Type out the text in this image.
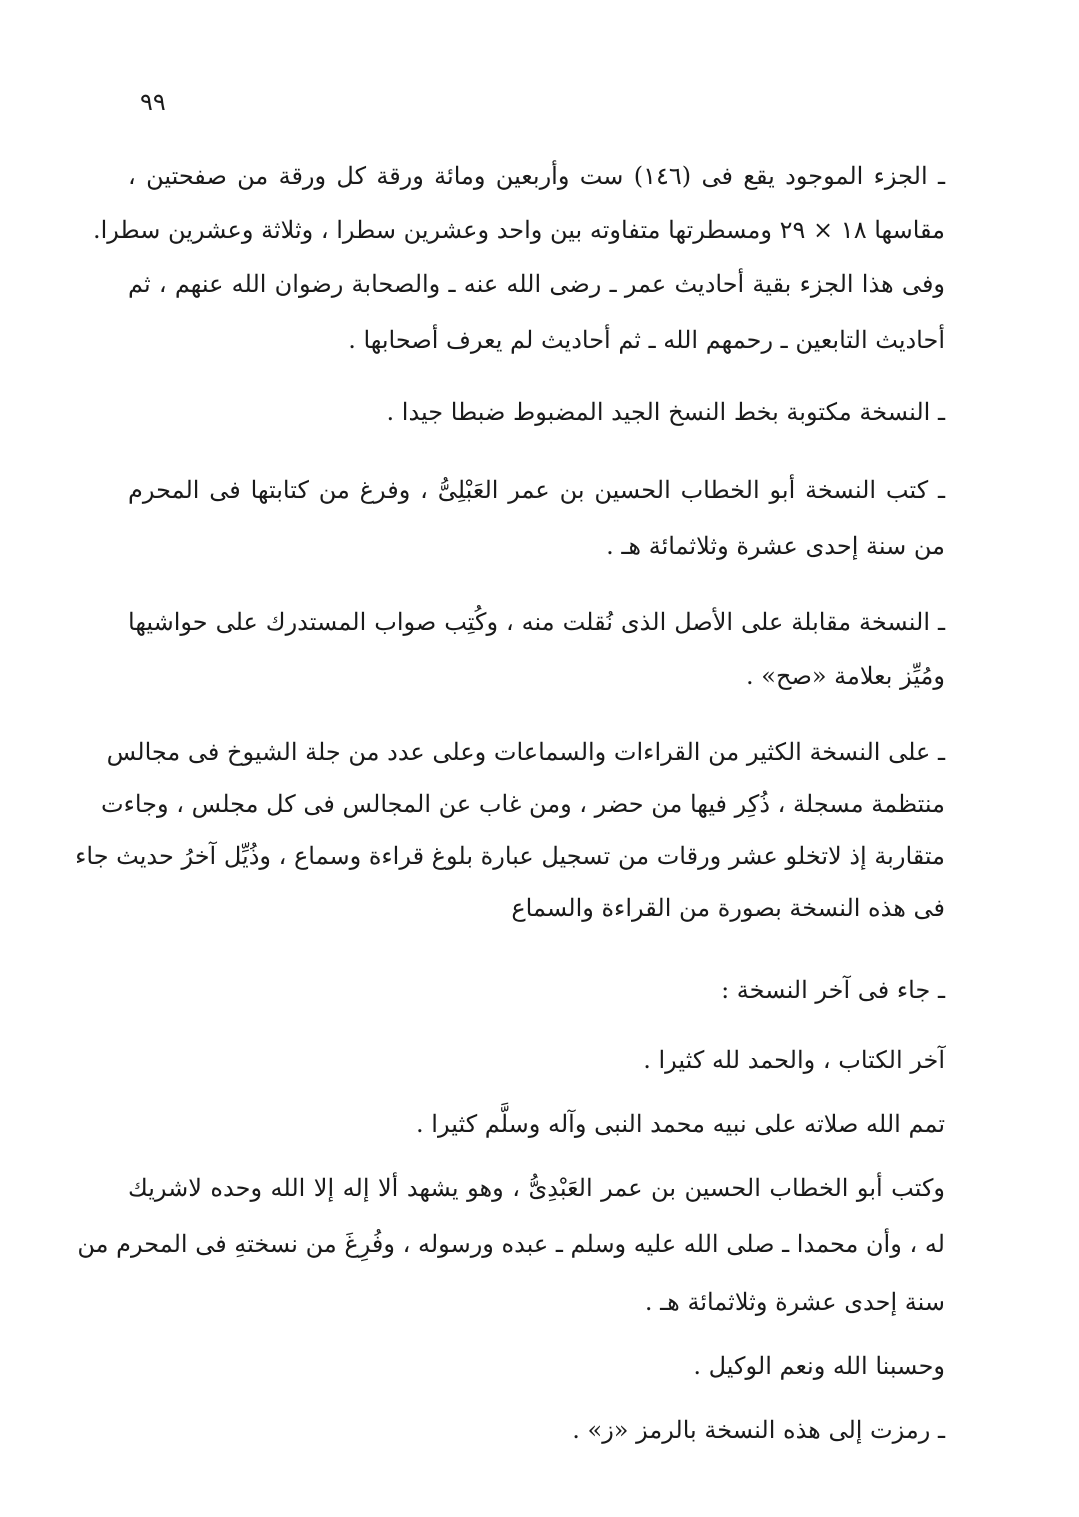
٩٩
ـ الجزء الموجود يقع فى (١٤٦) ست وأربعين ومائة ورقة كل ورقة من صفحتين ،
مقاسها ١٨ × ٢٩ ومسطرتها متفاوته بين واحد وعشرين سطرا ، وثلاثة وعشرين سطرا.
وفى هذا الجزء بقية أحاديث عمر ـ رضى الله عنه ـ والصحابة رضوان الله عنهم ، ثم
أحاديث التابعين ـ رحمهم الله ـ ثم أحاديث لم يعرف أصحابها .
ـ النسخة مكتوبة بخط النسخ الجيد المضبوط ضبطا جيدا .
ـ كتب النسخة أبو الخطاب الحسين بن عمر العَبْلِىُّ ، وفرغ من كتابتها فى المحرم
من سنة إحدى عشرة وثلاثمائة هـ .
ـ النسخة مقابلة على الأصل الذى نُقلت منه ، وكُتِب صواب المستدرك على حواشيها
ومُيِّز بعلامة «صح» .
ـ على النسخة الكثير من القراءات والسماعات وعلى عدد من جلة الشيوخ فى مجالس
منتظمة مسجلة ، ذُكِر فيها من حضر ، ومن غاب عن المجالس فى كل مجلس ، وجاءت
متقاربة إذ لاتخلو عشر ورقات من تسجيل عبارة بلوغ قراءة وسماع ، وذُيِّل آخرُ حديث جاء
فى هذه النسخة بصورة من القراءة والسماع
ـ جاء فى آخر النسخة :
آخر الكتاب ، والحمد لله كثيرا .
تمم الله صلاته على نبيه محمد النبى وآله وسلَّم كثيرا .
وكتب أبو الخطاب الحسين بن عمر العَبْدِىُّ ، وهو يشهد ألا إله إلا الله وحده لاشريك
له ، وأن محمدا ـ صلى الله عليه وسلم ـ عبده ورسوله ، وفُرِغَ من نسختهِ فى المحرم من
سنة إحدى عشرة وثلاثمائة هـ .
وحسبنا الله ونعم الوكيل .
ـ رمزت إلى هذه النسخة بالرمز «ز» .
